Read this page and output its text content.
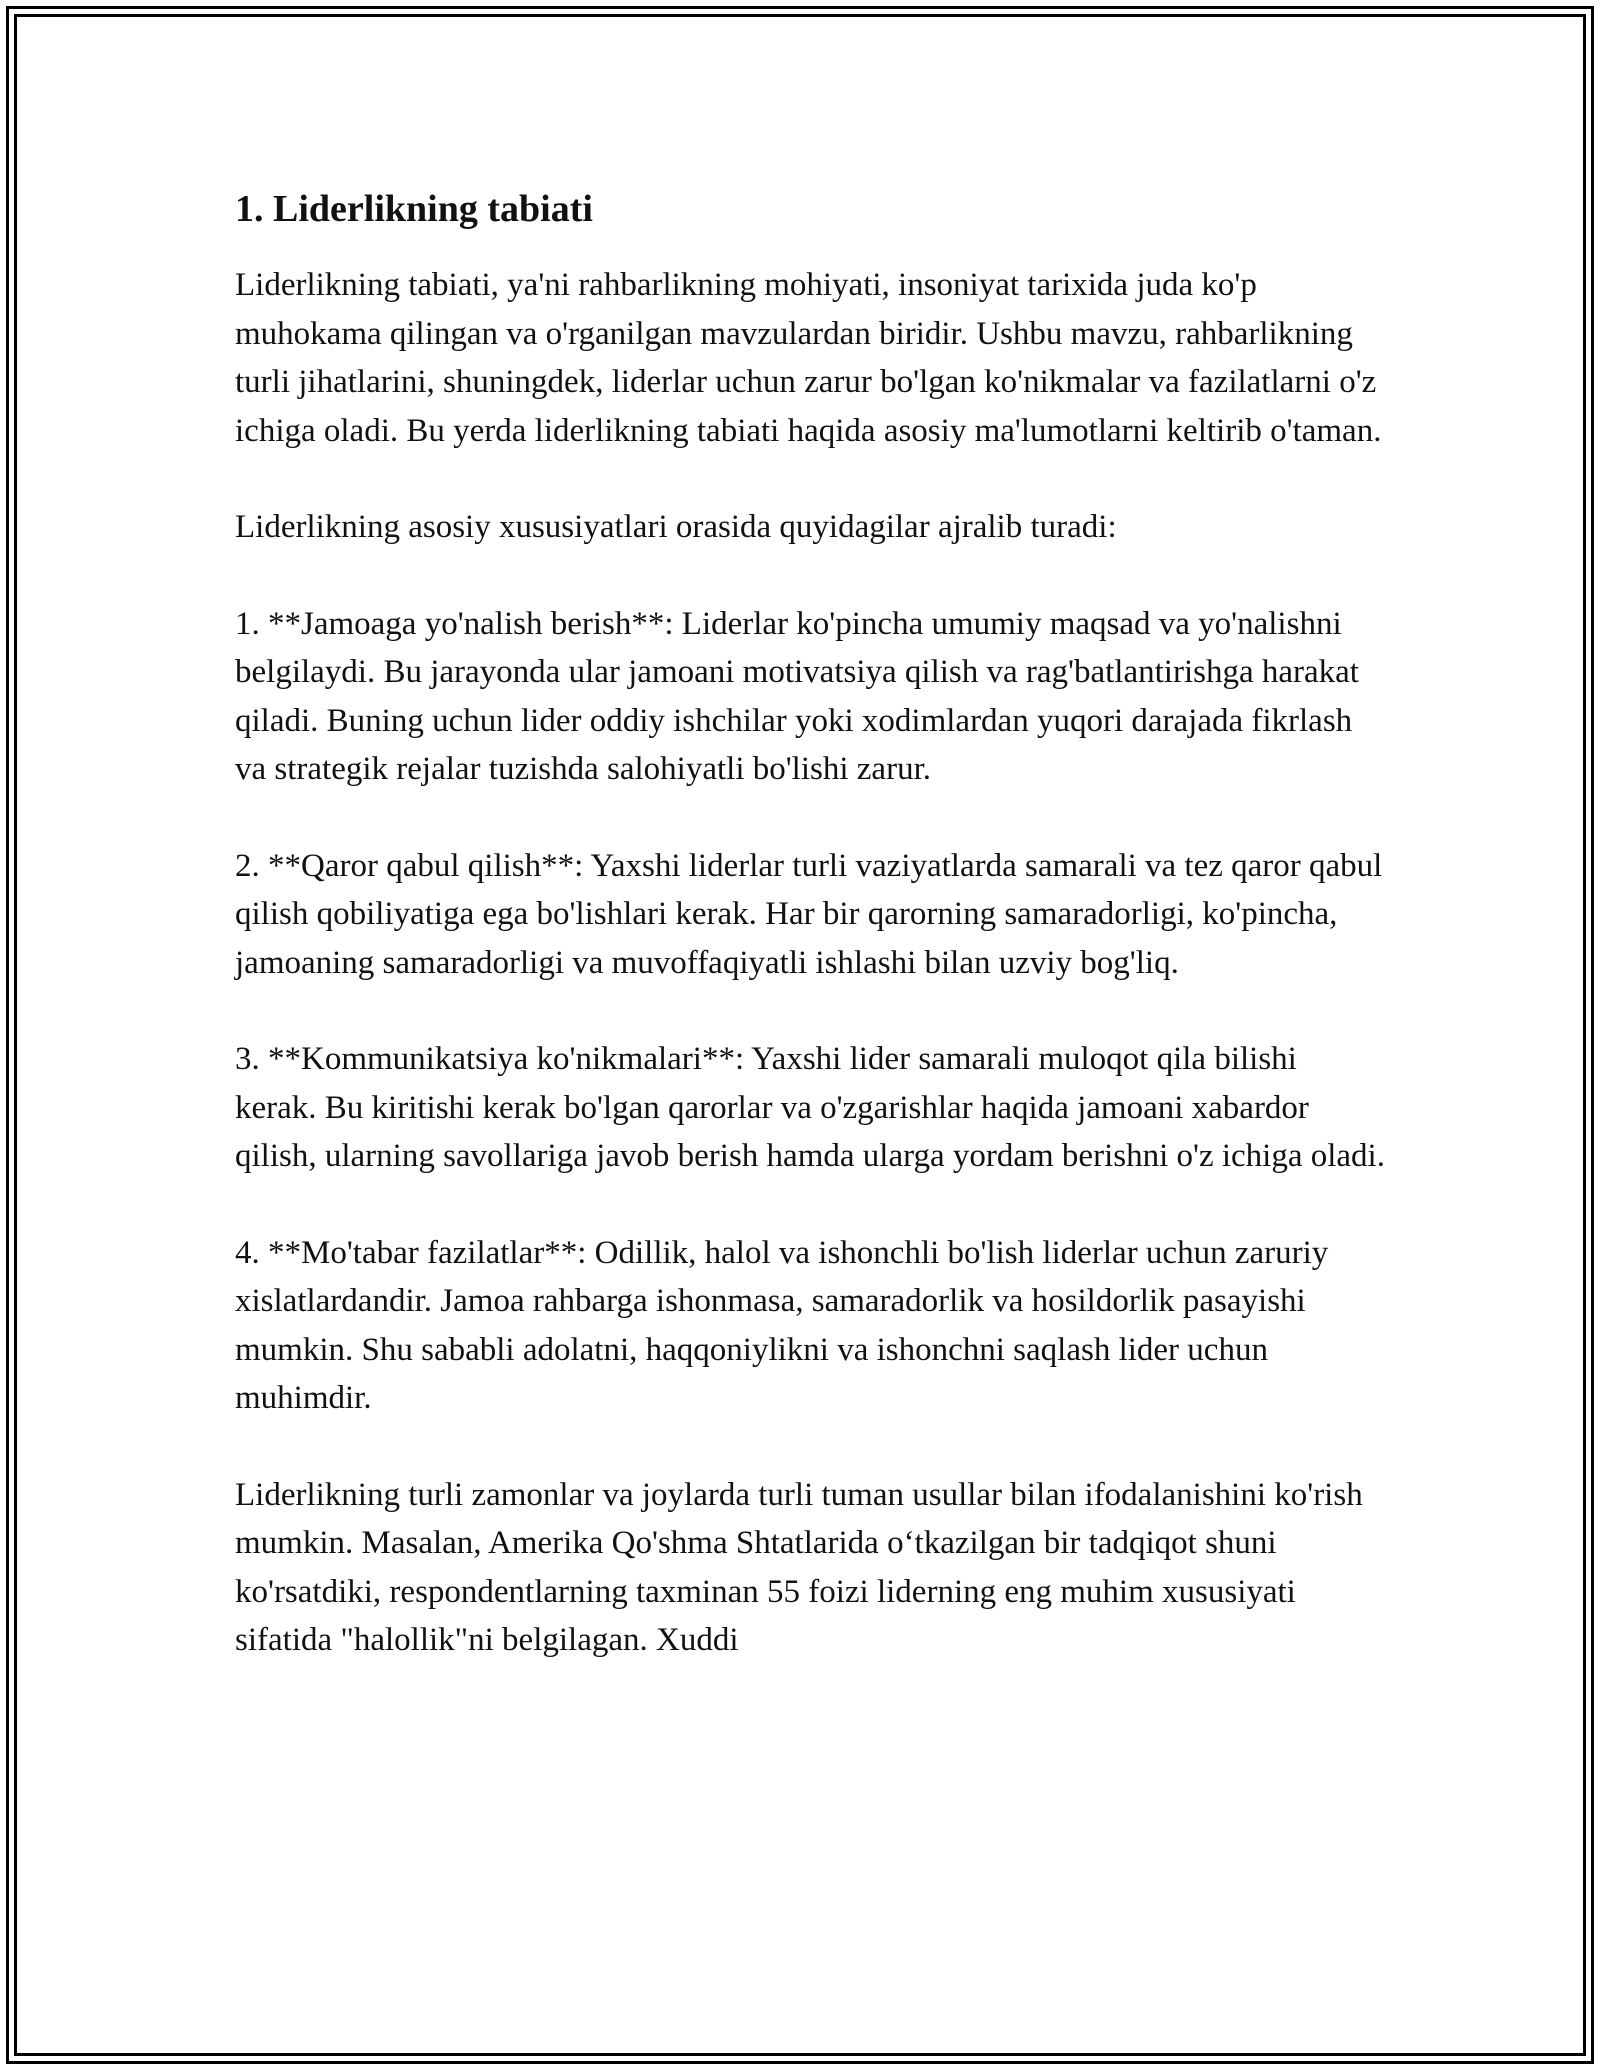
1. Liderlikning tabiati

Liderlikning tabiati, ya'ni rahbarlikning mohiyati, insoniyat tarixida juda ko'p muhokama qilingan va o'rganilgan mavzulardan biridir. Ushbu mavzu, rahbarlikning turli jihatlarini, shuningdek, liderlar uchun zarur bo'lgan ko'nikmalar va fazilatlarni o'z ichiga oladi. Bu yerda liderlikning tabiati haqida asosiy ma'lumotlarni keltirib o'taman.

Liderlikning asosiy xususiyatlari orasida quyidagilar ajralib turadi:

1. **Jamoaga yo'nalish berish**: Liderlar ko'pincha umumiy maqsad va yo'nalishni belgilaydi. Bu jarayonda ular jamoani motivatsiya qilish va rag'batlantirishga harakat qiladi. Buning uchun lider oddiy ishchilar yoki xodimlardan yuqori darajada fikrlash va strategik rejalar tuzishda salohiyatli bo'lishi zarur.

2. **Qaror qabul qilish**: Yaxshi liderlar turli vaziyatlarda samarali va tez qaror qabul qilish qobiliyatiga ega bo'lishlari kerak. Har bir qarorning samaradorligi, ko'pincha, jamoaning samaradorligi va muvoffaqiyatli ishlashi bilan uzviy bog'liq.

3. **Kommunikatsiya ko'nikmalari**: Yaxshi lider samarali muloqot qila bilishi kerak. Bu kiritishi kerak bo'lgan qarorlar va o'zgarishlar haqida jamoani xabardor qilish, ularning savollariga javob berish hamda ularga yordam berishni o'z ichiga oladi.

4. **Mo'tabar fazilatlar**: Odillik, halol va ishonchli bo'lish liderlar uchun zaruriy xislatlardandir. Jamoa rahbarga ishonmasa, samaradorlik va hosildorlik pasayishi mumkin. Shu sababli adolatni, haqqoniylikni va ishonchni saqlash lider uchun muhimdir.

Liderlikning turli zamonlar va joylarda turli tuman usullar bilan ifodalanishini ko'rish mumkin. Masalan, Amerika Qo'shma Shtatlarida o‘tkazilgan bir tadqiqot shuni ko'rsatdiki, respondentlarning taxminan 55 foizi liderning eng muhim xususiyati sifatida "halollik"ni belgilagan. Xuddi
